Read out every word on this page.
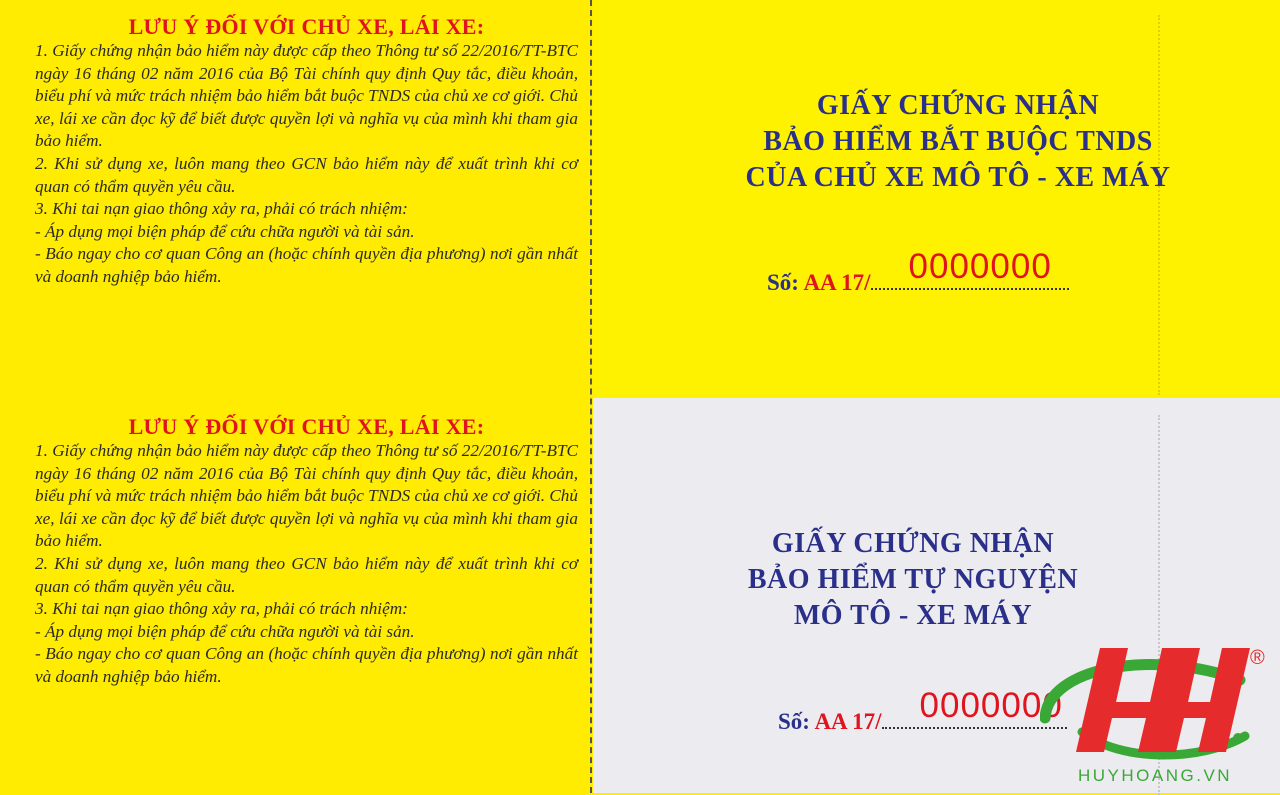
LƯU Ý ĐỐI VỚI CHỦ XE, LÁI XE:

1. Giấy chứng nhận bảo hiểm này được cấp theo Thông tư số 22/2016/TT-BTC ngày 16 tháng 02 năm 2016 của Bộ Tài chính quy định Quy tắc, điều khoản, biểu phí và mức trách nhiệm bảo hiểm bắt buộc TNDS của chủ xe cơ giới. Chủ xe, lái xe cần đọc kỹ để biết được quyền lợi và nghĩa vụ của mình khi tham gia bảo hiểm.

2. Khi sử dụng xe, luôn mang theo GCN bảo hiểm này để xuất trình khi cơ quan có thẩm quyền yêu cầu.

3. Khi tai nạn giao thông xảy ra, phải có trách nhiệm:

- Áp dụng mọi biện pháp để cứu chữa người và tài sản.

- Báo ngay cho cơ quan Công an (hoặc chính quyền địa phương) nơi gần nhất và doanh nghiệp bảo hiểm.

LƯU Ý ĐỐI VỚI CHỦ XE, LÁI XE:

1. Giấy chứng nhận bảo hiểm này được cấp theo Thông tư số 22/2016/TT-BTC ngày 16 tháng 02 năm 2016 của Bộ Tài chính quy định Quy tắc, điều khoản, biểu phí và mức trách nhiệm bảo hiểm bắt buộc TNDS của chủ xe cơ giới. Chủ xe, lái xe cần đọc kỹ để biết được quyền lợi và nghĩa vụ của mình khi tham gia bảo hiểm.

2. Khi sử dụng xe, luôn mang theo GCN bảo hiểm này để xuất trình khi cơ quan có thẩm quyền yêu cầu.

3. Khi tai nạn giao thông xảy ra, phải có trách nhiệm:

- Áp dụng mọi biện pháp để cứu chữa người và tài sản.

- Báo ngay cho cơ quan Công an (hoặc chính quyền địa phương) nơi gần nhất và doanh nghiệp bảo hiểm.

GIẤY CHỨNG NHẬN
BẢO HIỂM BẮT BUỘC TNDS
CỦA CHỦ XE MÔ TÔ - XE MÁY
Số: AA 17/ 0000000
GIẤY CHỨNG NHẬN
BẢO HIỂM TỰ NGUYỆN
MÔ TÔ - XE MÁY
Số: AA 17/ 0000000
®
HUYHOANG.VN
